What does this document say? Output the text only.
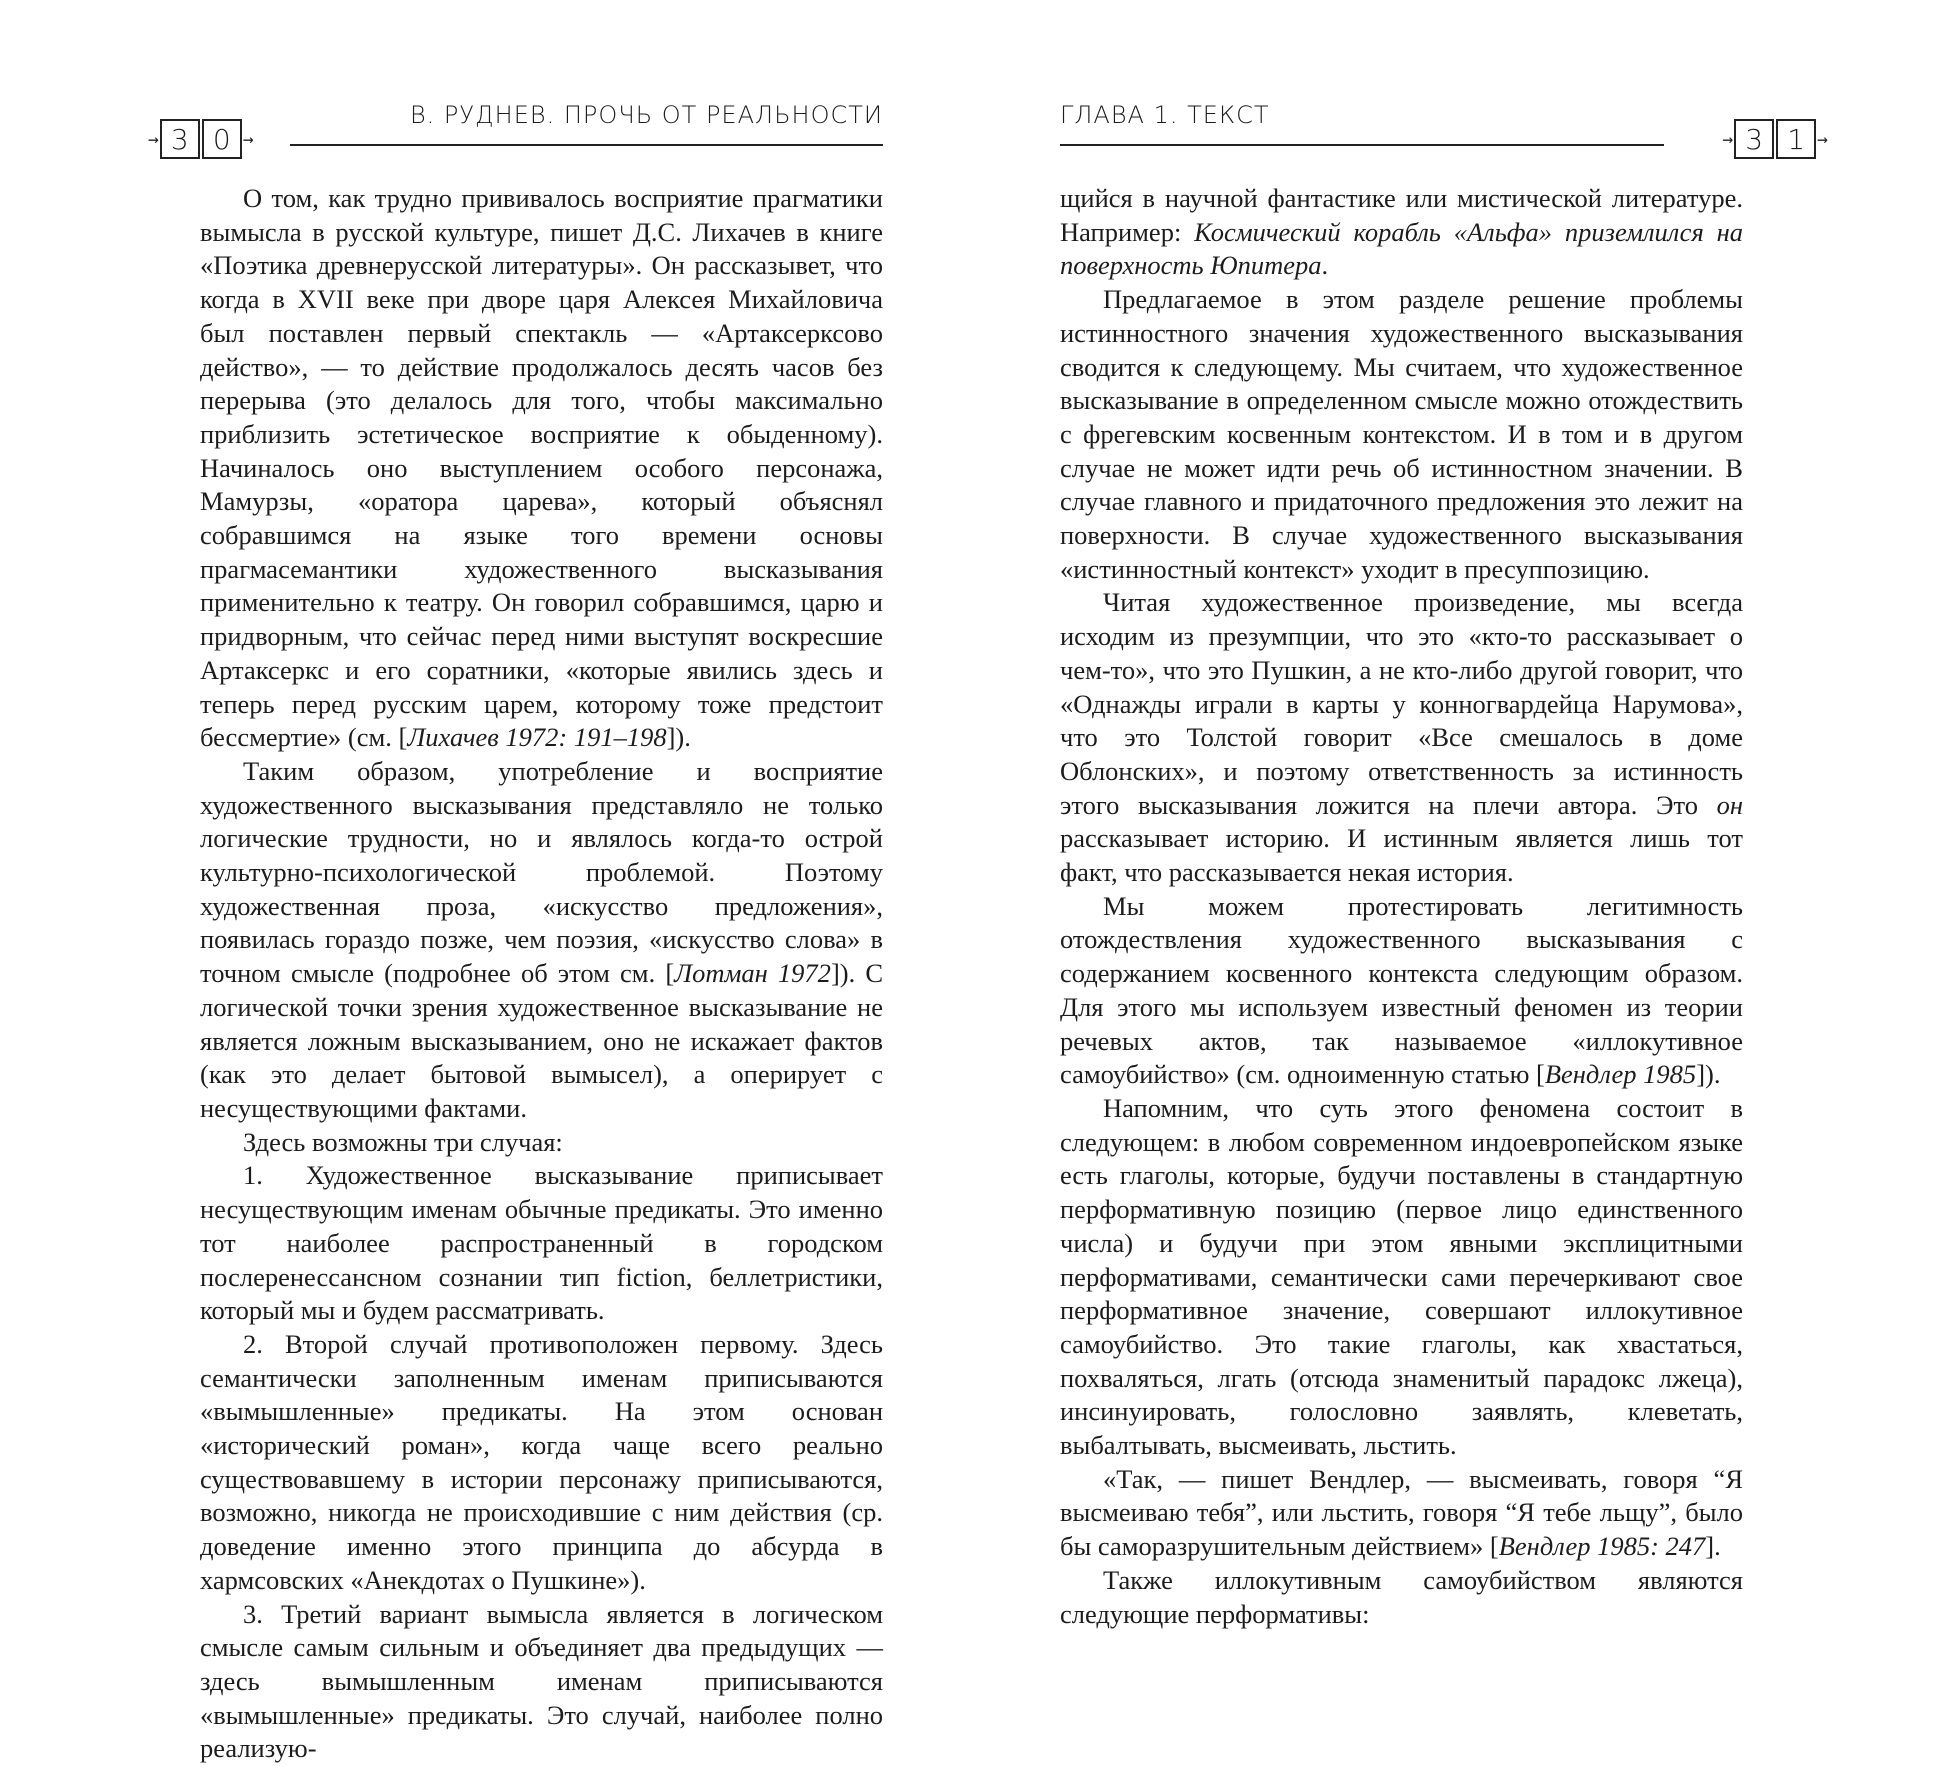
→ 3 0 →
В. РУДНЕВ. ПРОЧЬ ОТ РЕАЛЬНОСТИ

О том, как трудно прививалось восприятие прагматики вымысла в русской культуре, пишет Д.С. Лихачев в книге «Поэтика древнерусской литературы». Он рассказывет, что когда в XVII веке при дворе царя Алексея Михайловича был поставлен первый спектакль — «Артаксерксово действо», — то действие продолжалось десять часов без перерыва (это делалось для того, чтобы максимально приблизить эстетическое восприятие к обыденному). Начиналось оно выступлением особого персонажа, Мамурзы, «оратора царева», который объяснял собравшимся на языке того времени основы прагмасемантики художественного высказывания применительно к театру. Он говорил собравшимся, царю и придворным, что сейчас перед ними выступят воскресшие Артаксеркс и его соратники, «которые явились здесь и теперь перед русским царем, которому тоже предстоит бессмертие» (см. [Лихачев 1972: 191–198]).

Таким образом, употребление и восприятие художественного высказывания представляло не только логические трудности, но и являлось когда-то острой культурно-психологической проблемой. Поэтому художественная проза, «искусство предложения», появилась гораздо позже, чем поэзия, «искусство слова» в точном смысле (подробнее об этом см. [Лотман 1972]). С логической точки зрения художественное высказывание не является ложным высказыванием, оно не искажает фактов (как это делает бытовой вымысел), а оперирует с несуществующими фактами.

Здесь возможны три случая:

1. Художественное высказывание приписывает несуществующим именам обычные предикаты. Это именно тот наиболее распространенный в городском послеренессансном сознании тип fiction, беллетристики, который мы и будем рассматривать.

2. Второй случай противоположен первому. Здесь семантически заполненным именам приписываются «вымышленные» предикаты. На этом основан «исторический роман», когда чаще всего реально существовавшему в истории персонажу приписываются, возможно, никогда не происходившие с ним действия (ср. доведение именно этого принципа до абсурда в хармсовских «Анекдотах о Пушкине»).

3. Третий вариант вымысла является в логическом смысле самым сильным и объединяет два предыдущих — здесь вымышленным именам приписываются «вымышленные» предикаты. Это случай, наиболее полно реализую-

ГЛАВА 1. ТЕКСТ
→ 3 1 →

щийся в научной фантастике или мистической литературе. Например: Космический корабль «Альфа» приземлился на поверхность Юпитера.

Предлагаемое в этом разделе решение проблемы истинностного значения художественного высказывания сводится к следующему. Мы считаем, что художественное высказывание в определенном смысле можно отождествить с фрегевским косвенным контекстом. И в том и в другом случае не может идти речь об истинностном значении. В случае главного и придаточного предложения это лежит на поверхности. В случае художественного высказывания «истинностный контекст» уходит в пресуппозицию.

Читая художественное произведение, мы всегда исходим из презумпции, что это «кто-то рассказывает о чем-то», что это Пушкин, а не кто-либо другой говорит, что «Однажды играли в карты у конногвардейца Нарумова», что это Толстой говорит «Все смешалось в доме Облонских», и поэтому ответственность за истинность этого высказывания ложится на плечи автора. Это он рассказывает историю. И истинным является лишь тот факт, что рассказывается некая история.

Мы можем протестировать легитимность отождествления художественного высказывания с содержанием косвенного контекста следующим образом. Для этого мы используем известный феномен из теории речевых актов, так называемое «иллокутивное самоубийство» (см. одноименную статью [Вендлер 1985]).

Напомним, что суть этого феномена состоит в следующем: в любом современном индоевропейском языке есть глаголы, которые, будучи поставлены в стандартную перформативную позицию (первое лицо единственного числа) и будучи при этом явными эксплицитными перформативами, семантически сами перечеркивают свое перформативное значение, совершают иллокутивное самоубийство. Это такие глаголы, как хвастаться, похваляться, лгать (отсюда знаменитый парадокс лжеца), инсинуировать, голословно заявлять, клеветать, выбалтывать, высмеивать, льстить.

«Так, — пишет Вендлер, — высмеивать, говоря “Я высмеиваю тебя”, или льстить, говоря “Я тебе льщу”, было бы саморазрушительным действием» [Вендлер 1985: 247].

Также иллокутивным самоубийством являются следующие перформативы:
